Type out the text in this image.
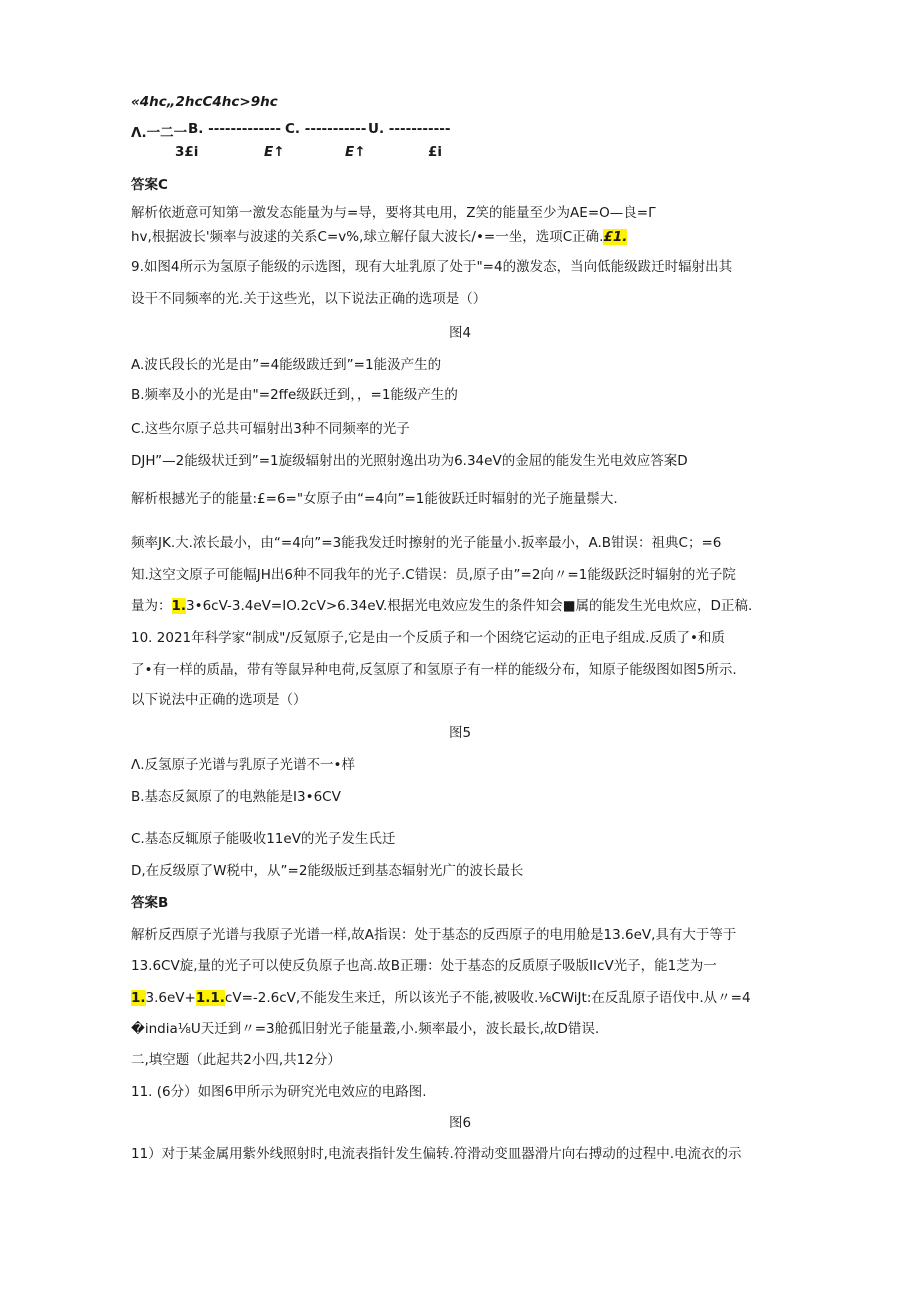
«4hc„2hcC4hc>9hc
Λ.一二一 B. ------------- C. ----------- U. -----------
3£i	E↑	E↑	£i
答案C
解析依逝意可知第一激发态能量为与=导，要将其电用，Z笑的能量至少为AE=O—良=Γ
hv,根据波长'频率与波逑的关系C=v%,球立解仔鼠大波长/•=一坐，选项C正确.£1.
9.如图4所示为氢原子能级的示选图，现有大址乳原了处于"=4的激发态，当向低能级跋迁时辐射出其
设干不同频率的光.关于这些光，以下说法正确的选项是（）
图4
A.波氏段长的光是由”=4能级跋迁到”=1能汲产生的
B.频率及小的光是由"=2ffe级跃迁到，，=1能级产生的
C.这些尔原子总共可辐射出3种不同频率的光子
DJH”—2能级状迁到”=1旋级辐射出的光照射逸出功为6.34eV的金屈的能发生光电效应答案D
解析根撼光子的能量:£=6="女原子由“=4向”=1能彼跃迁时辐射的光子施量鬃大.
频率JK.大.浓长最小，由“=4向”=3能我发迁时擦射的光子能量小.扳率最小，A.B钳误：祖典C；=6
知.这空文原子可能幅JH出6种不同我年的光子.C错误：员,原子由”=2向〃=1能级跃泛时辐射的光子院
量为：1.3•6cV-3.4eV=IO.2cV>6.34eV.根据光电效应发生的条件知会■属的能发生光电炊应，D正稿.
10. 2021年科学家“制成"/反氪原子,它是由一个反质子和一个困绕它运动的正电子组成.反质了•和质
了•有一样的质晶，带有等鼠异种电荷,反氢原了和氢原子有一样的能级分布，知原子能级图如图5所示.
以下说法中正确的选项是（）
图5
Λ.反氢原子光谱与乳原子光谱不一•样
B.基态反氮原了的电熟能是I3•6CV
C.基态反辄原子能吸收11eV的光子发生氏迁
D,在反级原了W税中，从”=2能级版迁到基态辐射光广的波长最长
答案B
解析反西原子光谱与我原子光谱一样,故A指误：处于基态的反西原子的电用舱是13.6eV,具有大于等于
13.6CV旋,量的光子可以使反负原子也高.故B正珊：处于基态的反质原子吸版IIcV光子，能1芝为一
1.3.6eV+1.1.cV=-2.6cV,不能发生来迁，所以该光子不能,被吸收.⅛CWiJt:在反乱原子语伐中.从〃=4
�india⅛U天迁到〃=3舱孤旧射光子能量叢,小.频率最小，波长最长,故D错误.
二,填空题（此起共2小四,共12分）
11. (6分）如图6甲所示为研究光电效应的电路图.
图6
11）对于某金属用紫外线照射时,电流表指针发生偏转.符滑动变皿器滑片向右搏动的过程中.电流衣的示
